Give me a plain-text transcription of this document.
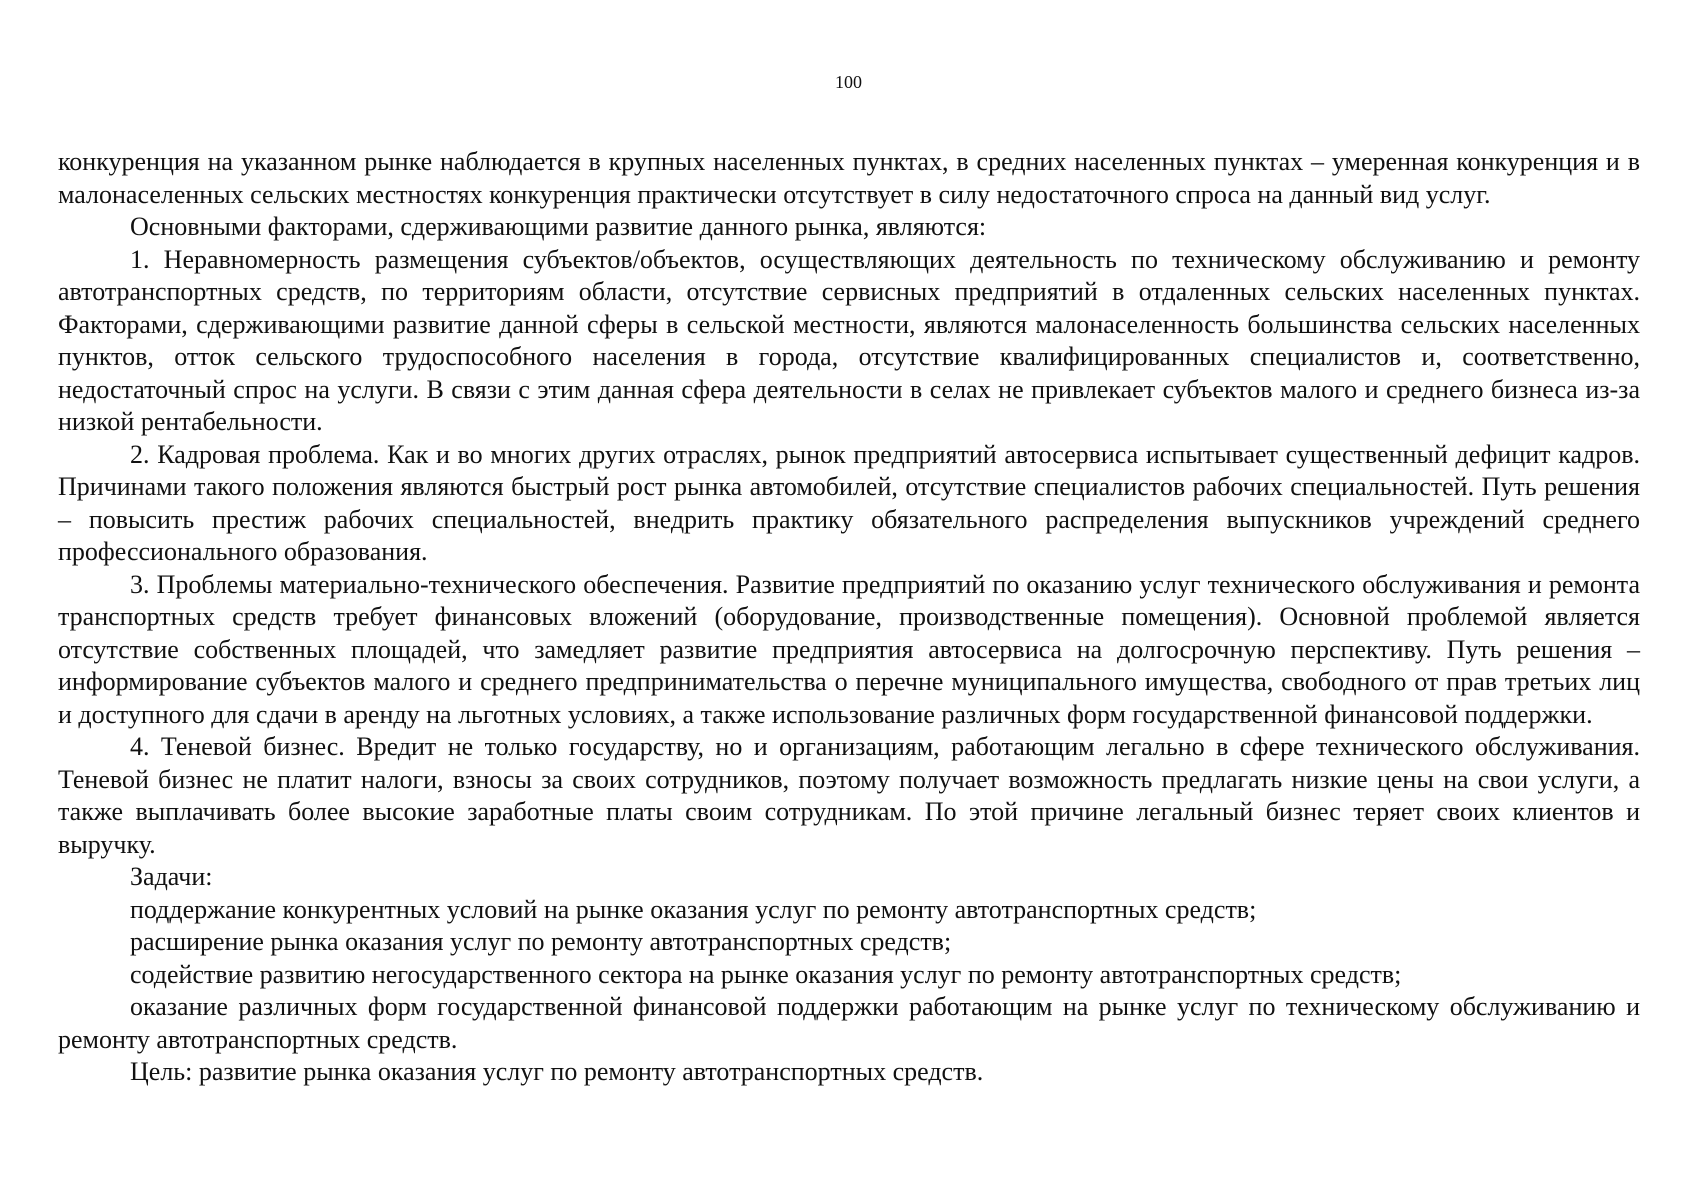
100

конкуренция на указанном рынке наблюдается в крупных населенных пунктах, в средних населенных пунктах – умеренная конкуренция и в малонаселенных сельских местностях конкуренция практически отсутствует в силу недостаточного спроса на данный вид услуг.

Основными факторами, сдерживающими развитие данного рынка, являются:

1. Неравномерность размещения субъектов/объектов, осуществляющих деятельность по техническому обслуживанию и ремонту автотранспортных средств, по территориям области, отсутствие сервисных предприятий в отдаленных сельских населенных пунктах. Факторами, сдерживающими развитие данной сферы в сельской местности, являются малонаселенность большинства сельских населенных пунктов, отток сельского трудоспособного населения в города, отсутствие квалифицированных специалистов и, соответственно, недостаточный спрос на услуги. В связи с этим данная сфера деятельности в селах не привлекает субъектов малого и среднего бизнеса из-за низкой рентабельности.

2. Кадровая проблема. Как и во многих других отраслях, рынок предприятий автосервиса испытывает существенный дефицит кадров. Причинами такого положения являются быстрый рост рынка автомобилей, отсутствие специалистов рабочих специальностей. Путь решения – повысить престиж рабочих специальностей, внедрить практику обязательного распределения выпускников учреждений среднего профессионального образования.

3. Проблемы материально-технического обеспечения. Развитие предприятий по оказанию услуг технического обслуживания и ремонта транспортных средств требует финансовых вложений (оборудование, производственные помещения). Основной проблемой является отсутствие собственных площадей, что замедляет развитие предприятия автосервиса на долгосрочную перспективу. Путь решения – информирование субъектов малого и среднего предпринимательства о перечне муниципального имущества, свободного от прав третьих лиц и доступного для сдачи в аренду на льготных условиях, а также использование различных форм государственной финансовой поддержки.

4. Теневой бизнес. Вредит не только государству, но и организациям, работающим легально в сфере технического обслуживания. Теневой бизнес не платит налоги, взносы за своих сотрудников, поэтому получает возможность предлагать низкие цены на свои услуги, а также выплачивать более высокие заработные платы своим сотрудникам. По этой причине легальный бизнес теряет своих клиентов и выручку.

Задачи:

поддержание конкурентных условий на рынке оказания услуг по ремонту автотранспортных средств;

расширение рынка оказания услуг по ремонту автотранспортных средств;

содействие развитию негосударственного сектора на рынке оказания услуг по ремонту автотранспортных средств;

оказание различных форм государственной финансовой поддержки работающим на рынке услуг по техническому обслуживанию и ремонту автотранспортных средств.

Цель: развитие рынка оказания услуг по ремонту автотранспортных средств.
